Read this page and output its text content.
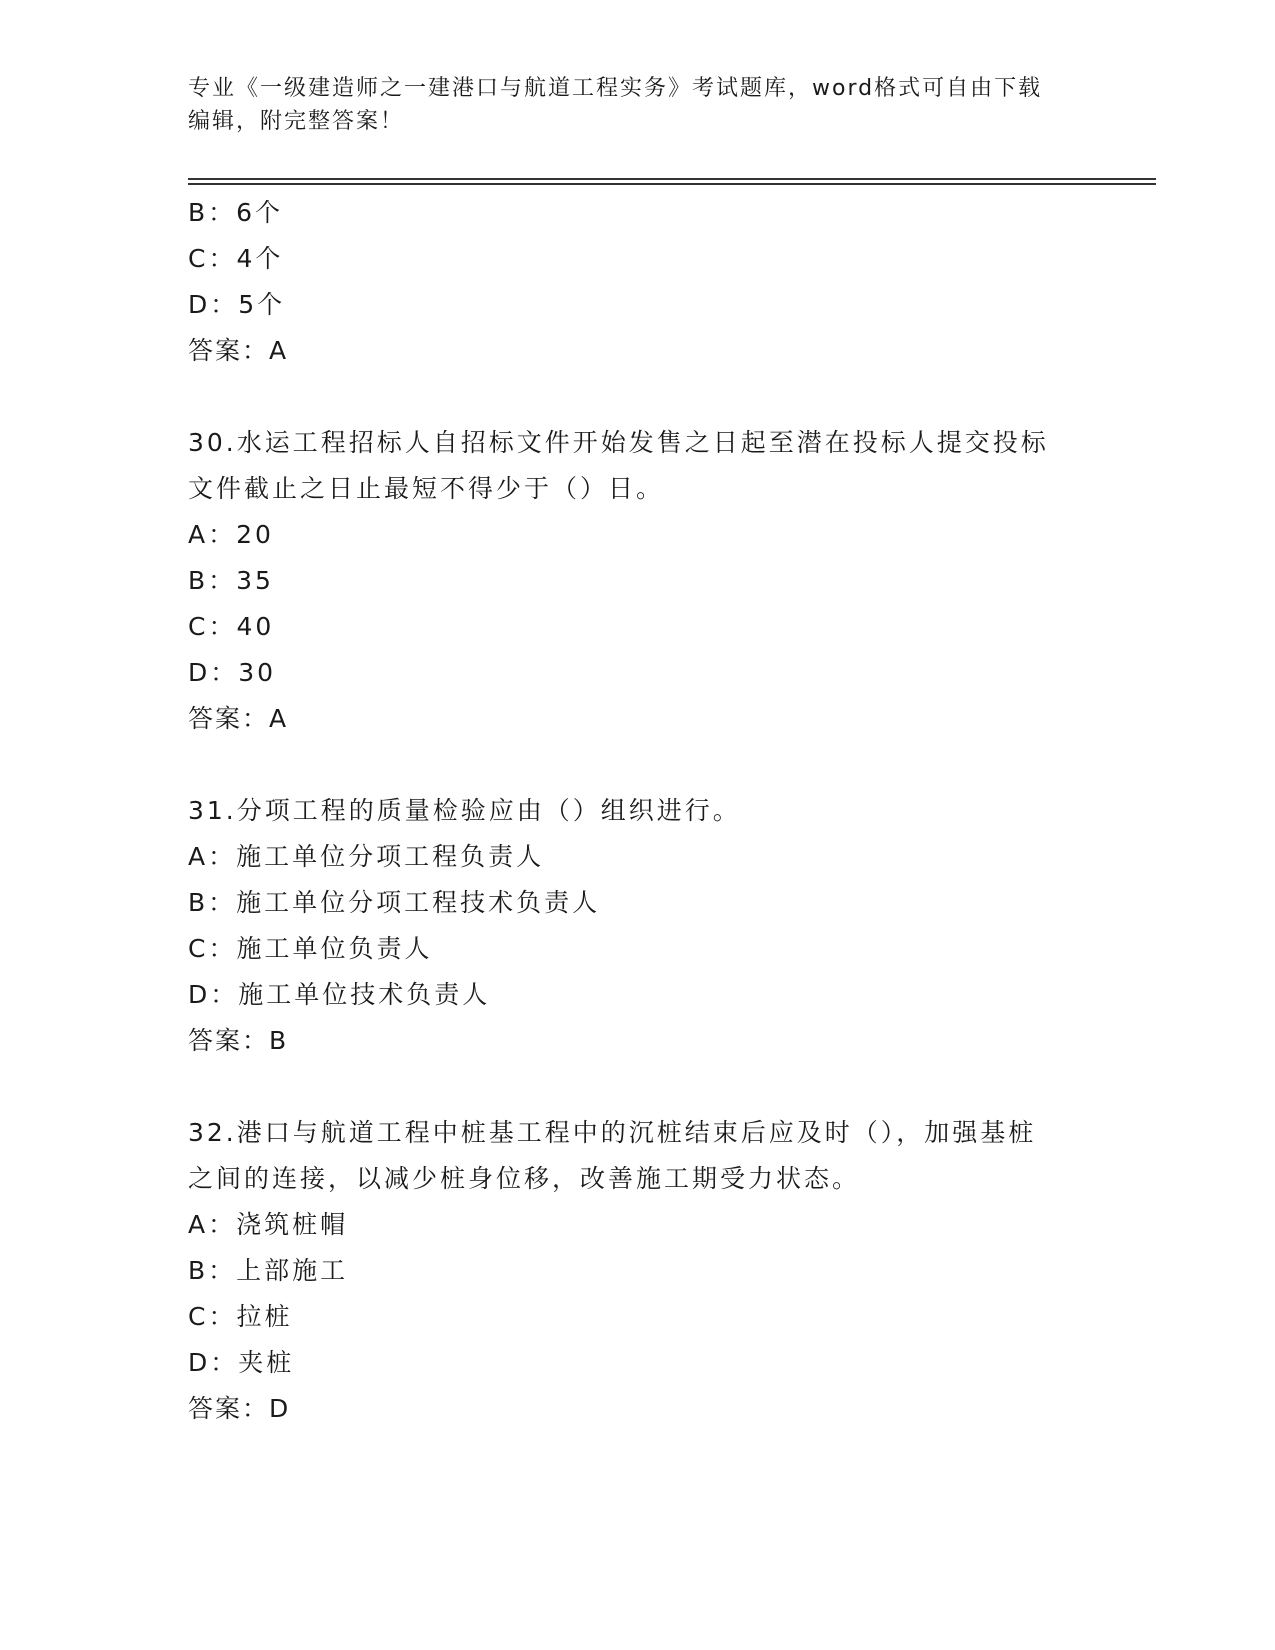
专业《一级建造师之一建港口与航道工程实务》考试题库，word格式可自由下载
编辑，附完整答案！
B：6个
C：4个
D：5个
答案：A
30.水运工程招标人自招标文件开始发售之日起至潜在投标人提交投标
文件截止之日止最短不得少于（）日。
A：20
B：35
C：40
D：30
答案：A
31.分项工程的质量检验应由（）组织进行。
A：施工单位分项工程负责人
B：施工单位分项工程技术负责人
C：施工单位负责人
D：施工单位技术负责人
答案：B
32.港口与航道工程中桩基工程中的沉桩结束后应及时（），加强基桩
之间的连接，以减少桩身位移，改善施工期受力状态。
A：浇筑桩帽
B：上部施工
C：拉桩
D：夹桩
答案：D
